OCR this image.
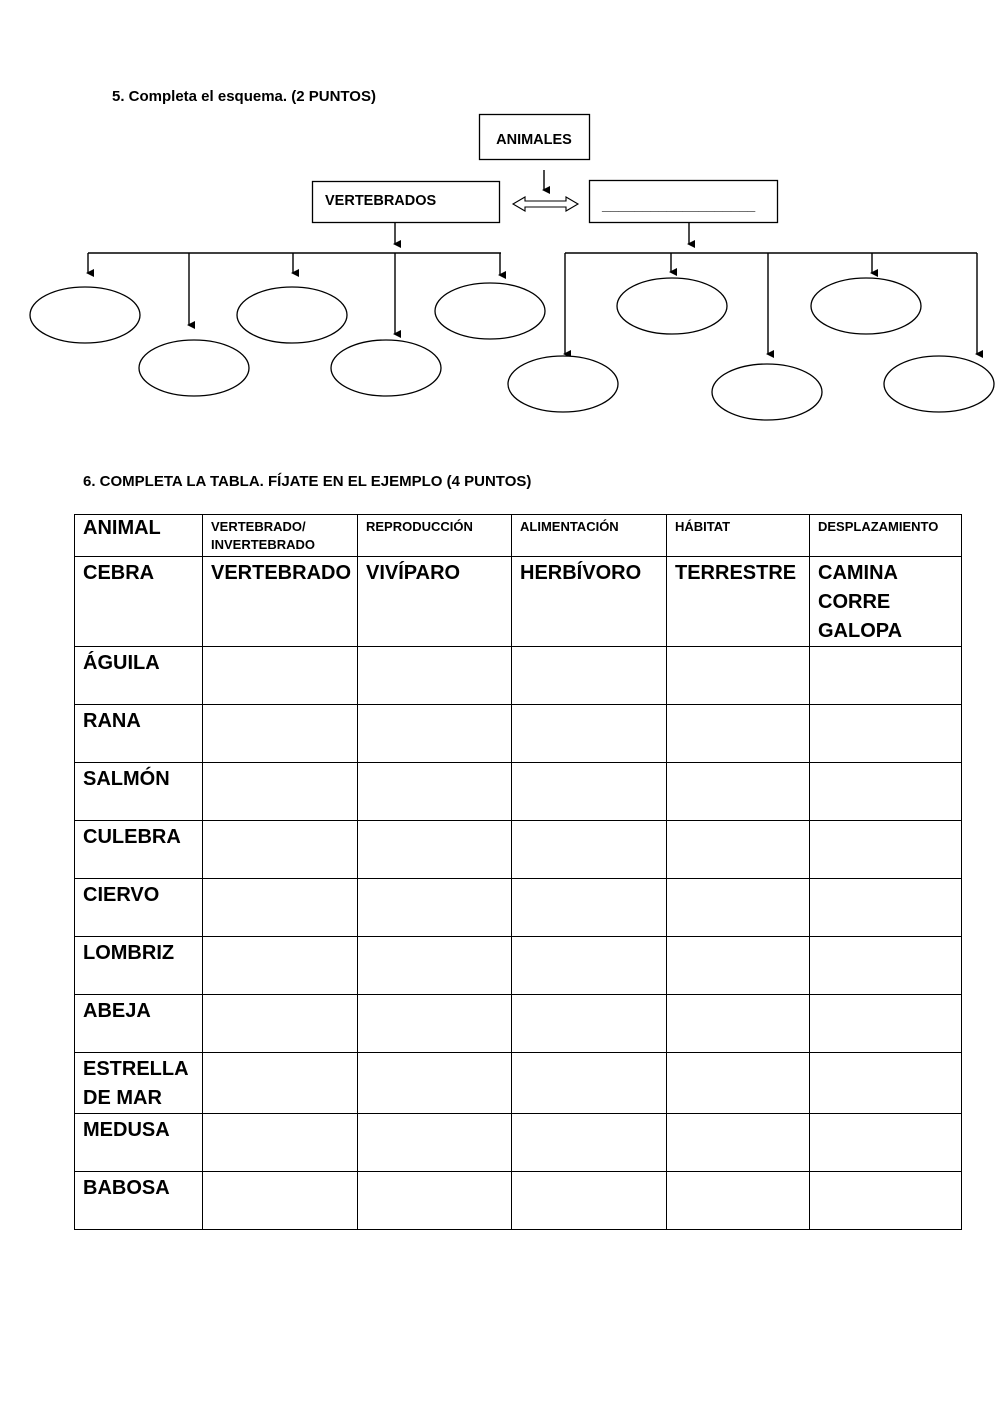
5. Completa el esquema. (2 PUNTOS)
ANIMALES
VERTEBRADOS	___________________
6. COMPLETA LA TABLA. FÍJATE EN EL EJEMPLO (4 PUNTOS)
ANIMAL	VERTEBRADO/ INVERTEBRADO	REPRODUCCIÓN	ALIMENTACIÓN	HÁBITAT	DESPLAZAMIENTO
CEBRA	VERTEBRADO	VIVÍPARO	HERBÍVORO	TERRESTRE	CAMINA
CORRE
GALOPA
ÁGUILA					
RANA					
SALMÓN					
CULEBRA					
CIERVO					
LOMBRIZ					
ABEJA					
ESTRELLA
DE MAR					
MEDUSA					
BABOSA					
